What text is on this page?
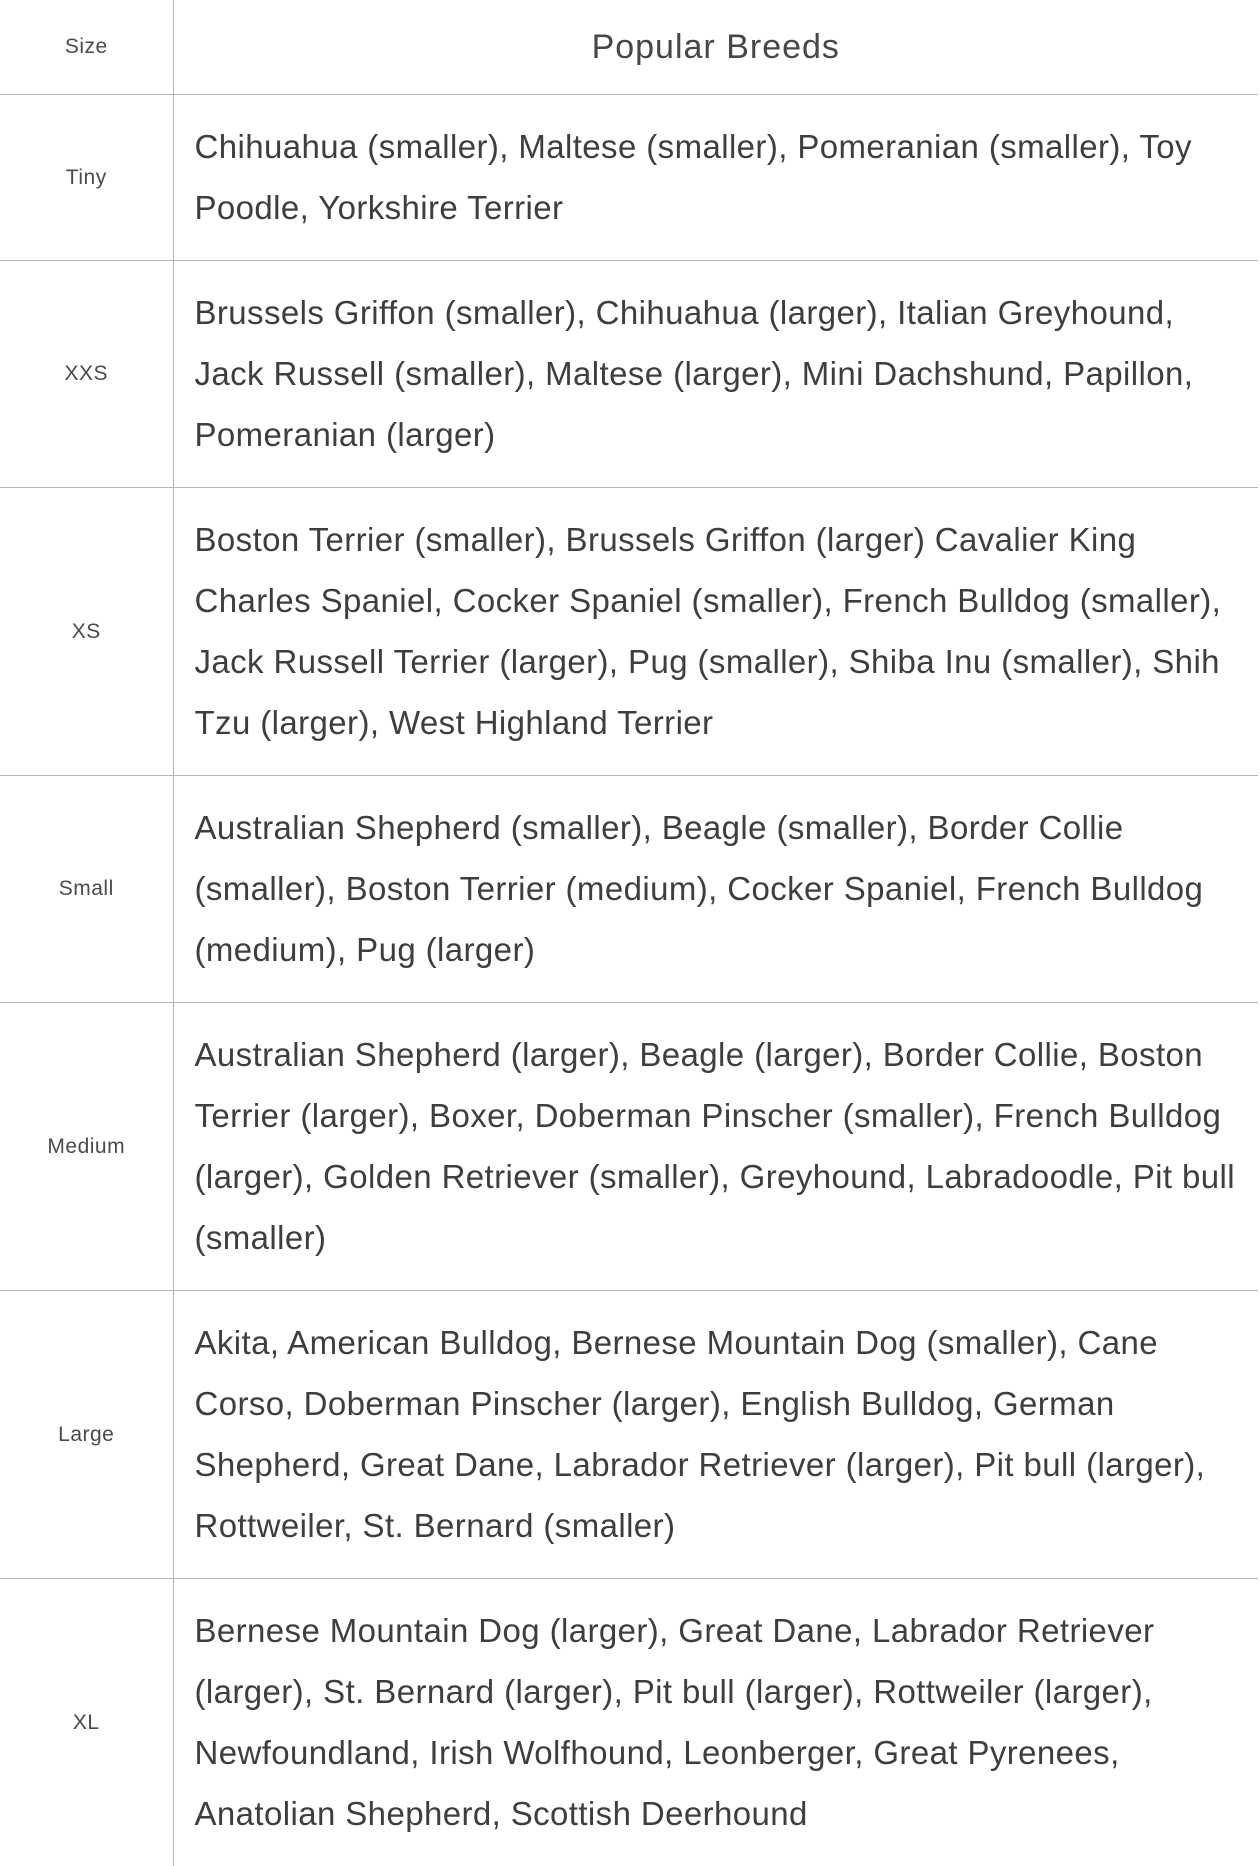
Size	Popular Breeds
Tiny	Chihuahua (smaller), Maltese (smaller), Pomeranian (smaller), Toy Poodle, Yorkshire Terrier
XXS	Brussels Griffon (smaller), Chihuahua (larger), Italian Greyhound, Jack Russell (smaller), Maltese (larger), Mini Dachshund, Papillon, Pomeranian (larger)
XS	Boston Terrier (smaller), Brussels Griffon (larger) Cavalier King Charles Spaniel, Cocker Spaniel (smaller), French Bulldog (smaller), Jack Russell Terrier (larger), Pug (smaller), Shiba Inu (smaller), Shih Tzu (larger), West Highland Terrier
Small	Australian Shepherd (smaller), Beagle (smaller), Border Collie (smaller), Boston Terrier (medium), Cocker Spaniel, French Bulldog (medium), Pug (larger)
Medium	Australian Shepherd (larger), Beagle (larger), Border Collie, Boston Terrier (larger), Boxer, Doberman Pinscher (smaller), French Bulldog (larger), Golden Retriever (smaller), Greyhound, Labradoodle, Pit bull (smaller)
Large	Akita, American Bulldog, Bernese Mountain Dog (smaller), Cane Corso, Doberman Pinscher (larger), English Bulldog, German Shepherd, Great Dane, Labrador Retriever (larger), Pit bull (larger), Rottweiler, St. Bernard (smaller)
XL	Bernese Mountain Dog (larger), Great Dane, Labrador Retriever (larger), St. Bernard (larger), Pit bull (larger), Rottweiler (larger), Newfoundland, Irish Wolfhound, Leonberger, Great Pyrenees, Anatolian Shepherd, Scottish Deerhound
